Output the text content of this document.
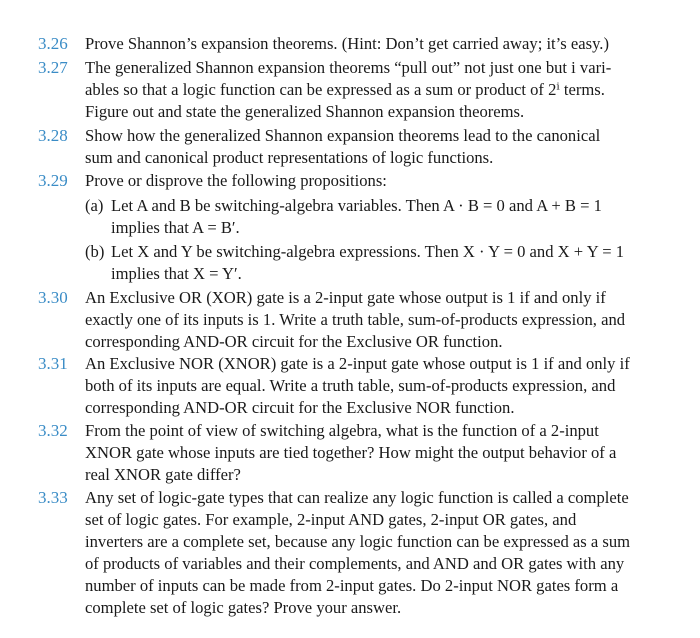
3.26 Prove Shannon’s expansion theorems. (Hint: Don’t get carried away; it’s easy.)
3.27 The generalized Shannon expansion theorems “pull out” not just one but i vari-
ables so that a logic function can be expressed as a sum or product of 2ⁱ terms.
Figure out and state the generalized Shannon expansion theorems.
3.28 Show how the generalized Shannon expansion theorems lead to the canonical
sum and canonical product representations of logic functions.
3.29 Prove or disprove the following propositions:
(a) Let A and B be switching-algebra variables. Then A · B = 0 and A + B = 1
implies that A = B′.
(b) Let X and Y be switching-algebra expressions. Then X · Y = 0 and X + Y = 1
implies that X = Y′.
3.30 An Exclusive OR (XOR) gate is a 2-input gate whose output is 1 if and only if
exactly one of its inputs is 1. Write a truth table, sum-of-products expression, and
corresponding AND-OR circuit for the Exclusive OR function.
3.31 An Exclusive NOR (XNOR) gate is a 2-input gate whose output is 1 if and only if
both of its inputs are equal. Write a truth table, sum-of-products expression, and
corresponding AND-OR circuit for the Exclusive NOR function.
3.32 From the point of view of switching algebra, what is the function of a 2-input
XNOR gate whose inputs are tied together? How might the output behavior of a
real XNOR gate differ?
3.33 Any set of logic-gate types that can realize any logic function is called a complete
set of logic gates. For example, 2-input AND gates, 2-input OR gates, and
inverters are a complete set, because any logic function can be expressed as a sum
of products of variables and their complements, and AND and OR gates with any
number of inputs can be made from 2-input gates. Do 2-input NOR gates form a
complete set of logic gates? Prove your answer.
